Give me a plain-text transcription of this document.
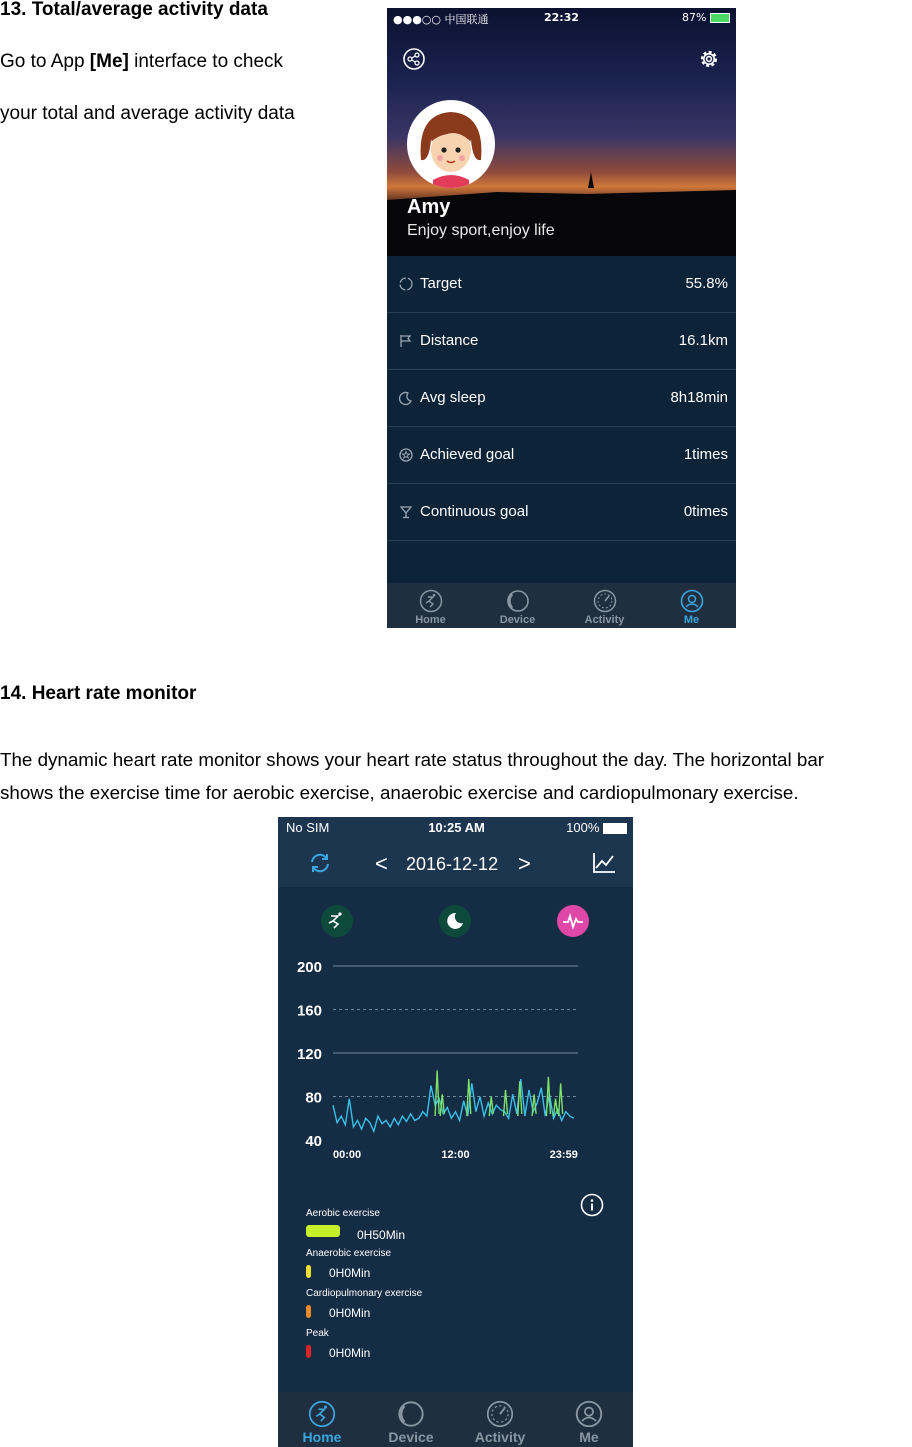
13. Total/average activity data
Go to App [Me] interface to check
your total and average activity data
●●●○○ 中国联通	22:32	87%
Amy
Enjoy sport,enjoy life
Target	55.8%
Distance	16.1km
Avg sleep	8h18min
Achieved goal	1times
Continuous goal	0times
Home	Device	Activity	Me
14. Heart rate monitor
The dynamic heart rate monitor shows your heart rate status throughout the day. The horizontal bar
shows the exercise time for aerobic exercise, anaerobic exercise and cardiopulmonary exercise.
No SIM	10:25 AM	100%
< 2016-12-12 >
200
160
120
80
40
00:00	12:00	23:59
Aerobic exercise
0H50Min
Anaerobic exercise
0H0Min
Cardiopulmonary exercise
0H0Min
Peak
0H0Min
Home	Device	Activity	Me
